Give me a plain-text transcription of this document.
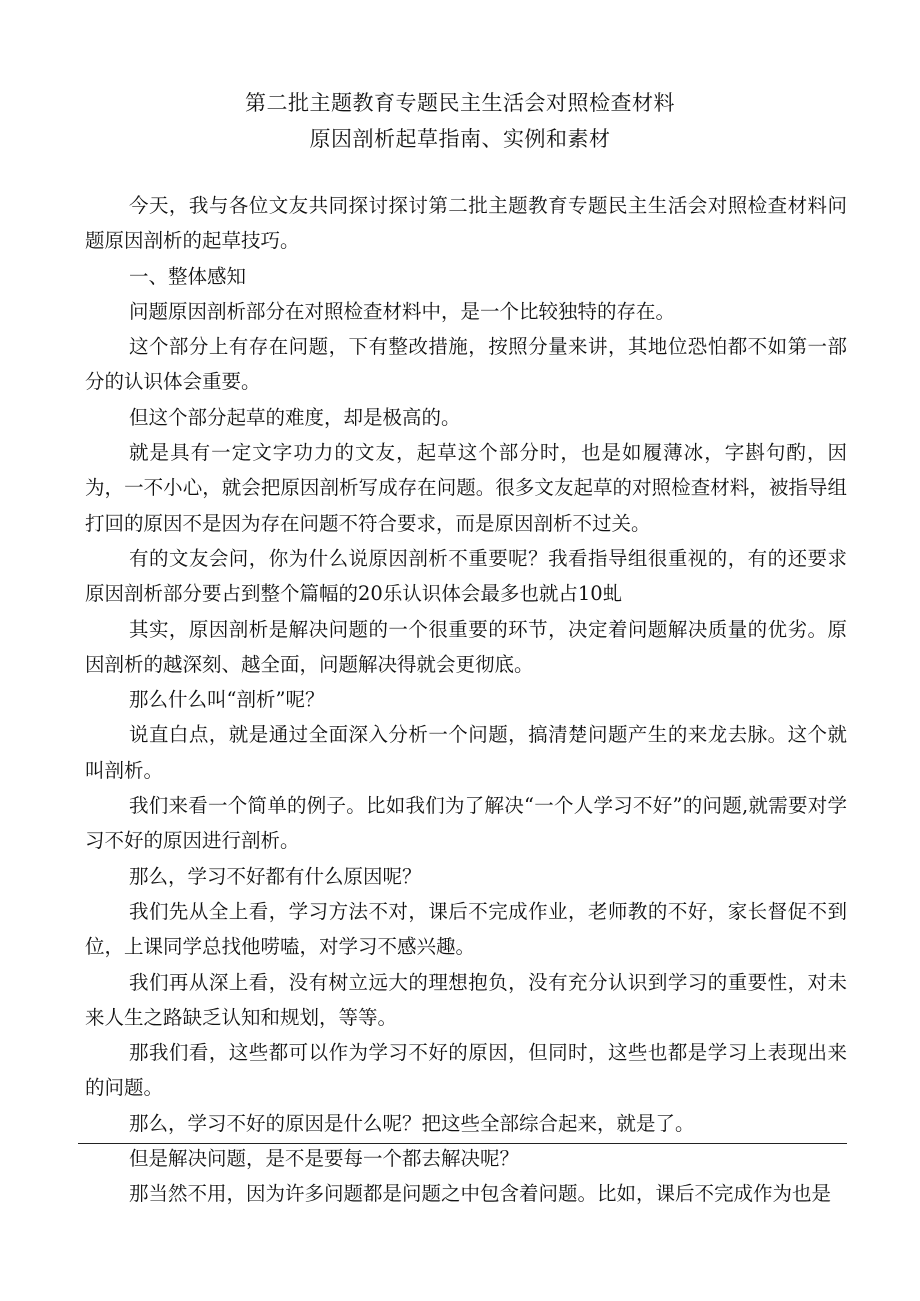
第二批主题教育专题民主生活会对照检查材料
原因剖析起草指南、实例和素材

今天，我与各位文友共同探讨探讨第二批主题教育专题民主生活会对照检查材料问题原因剖析的起草技巧。

一、整体感知

问题原因剖析部分在对照检查材料中，是一个比较独特的存在。

这个部分上有存在问题，下有整改措施，按照分量来讲，其地位恐怕都不如第一部分的认识体会重要。

但这个部分起草的难度，却是极高的。

就是具有一定文字功力的文友，起草这个部分时，也是如履薄冰，字斟句酌，因为，一不小心，就会把原因剖析写成存在问题。很多文友起草的对照检查材料，被指导组打回的原因不是因为存在问题不符合要求，而是原因剖析不过关。

有的文友会问，你为什么说原因剖析不重要呢？我看指导组很重视的，有的还要求原因剖析部分要占到整个篇幅的20乐认识体会最多也就占10虬

其实，原因剖析是解决问题的一个很重要的环节，决定着问题解决质量的优劣。原因剖析的越深刻、越全面，问题解决得就会更彻底。

那么什么叫“剖析”呢？

说直白点，就是通过全面深入分析一个问题，搞清楚问题产生的来龙去脉。这个就叫剖析。

我们来看一个简单的例子。比如我们为了解决“一个人学习不好”的问题,就需要对学习不好的原因进行剖析。

那么，学习不好都有什么原因呢？

我们先从全上看，学习方法不对，课后不完成作业，老师教的不好，家长督促不到位，上课同学总找他唠嗑，对学习不感兴趣。

我们再从深上看，没有树立远大的理想抱负，没有充分认识到学习的重要性，对未来人生之路缺乏认知和规划，等等。

那我们看，这些都可以作为学习不好的原因，但同时，这些也都是学习上表现出来的问题。

那么，学习不好的原因是什么呢？把这些全部综合起来，就是了。

但是解决问题，是不是要每一个都去解决呢？

那当然不用，因为许多问题都是问题之中包含着问题。比如，课后不完成作为也是
